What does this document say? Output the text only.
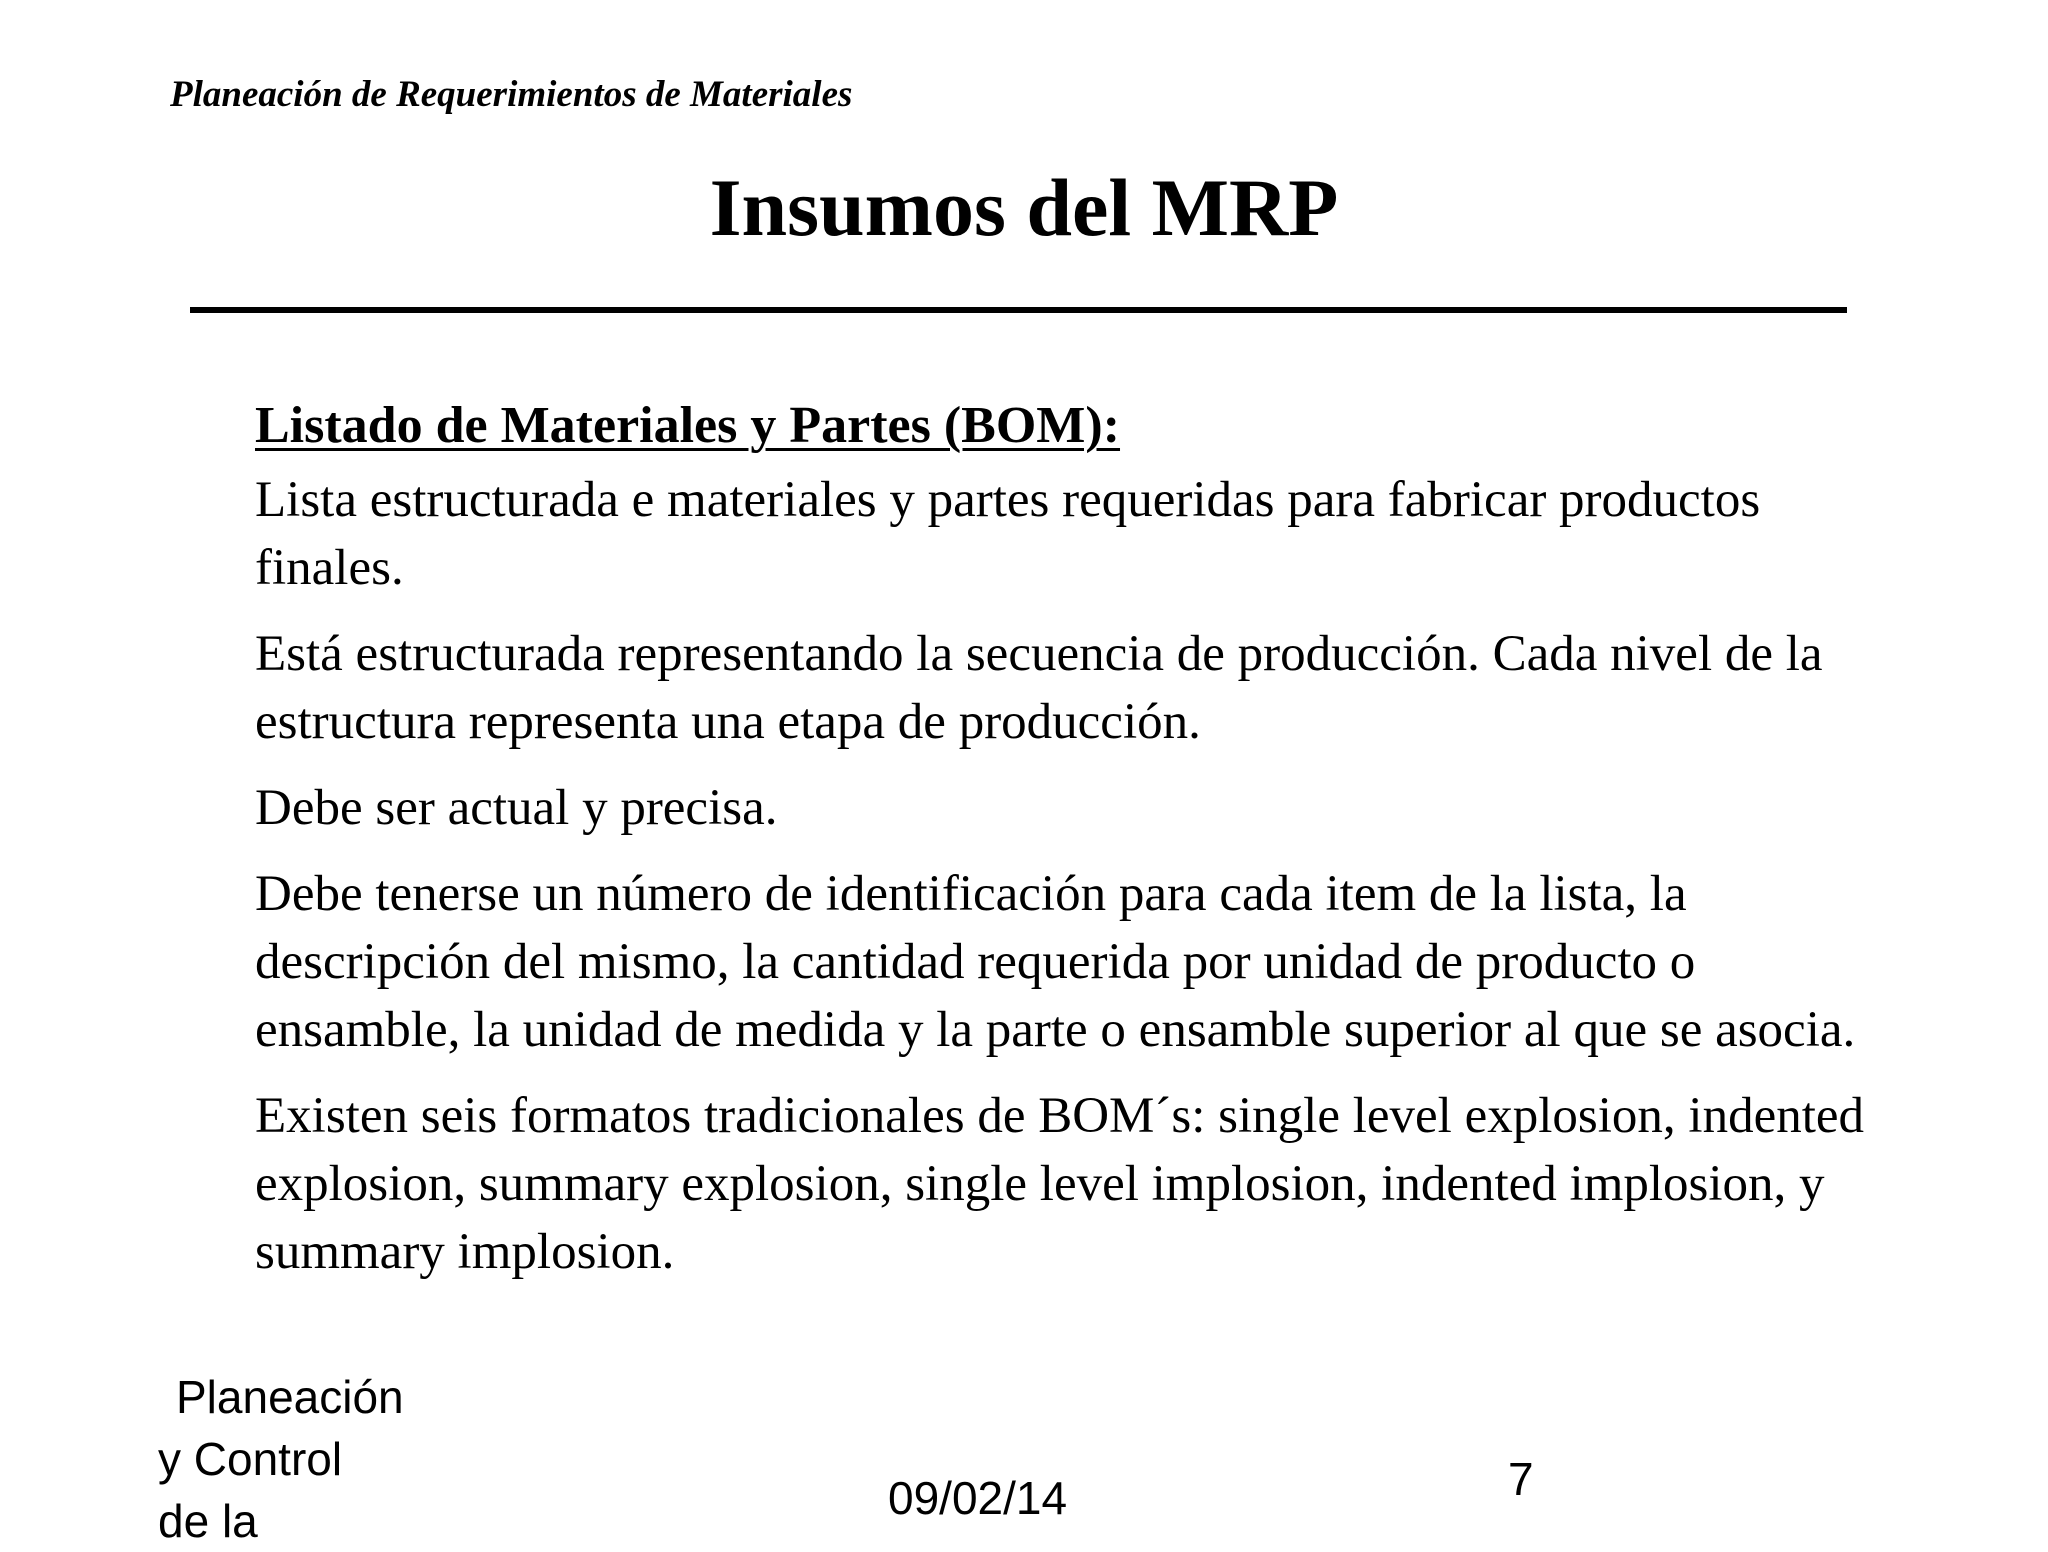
Planeación de Requerimientos de Materiales
Insumos del MRP
Listado de Materiales y Partes (BOM):

Lista estructurada e materiales y partes requeridas para fabricar productos finales.

Está estructurada representando la secuencia de producción. Cada nivel de la estructura representa una etapa de producción.

Debe ser actual y precisa.

Debe tenerse un número de identificación para cada item de la lista, la descripción del mismo, la cantidad requerida por unidad de producto o ensamble, la unidad de medida y la parte o ensamble superior al que se asocia.

Existen seis formatos tradicionales de BOM´s: single level explosion, indented explosion, summary explosion, single level implosion, indented implosion, y summary implosion.

Planeación
y Control
de la	09/02/14	7
